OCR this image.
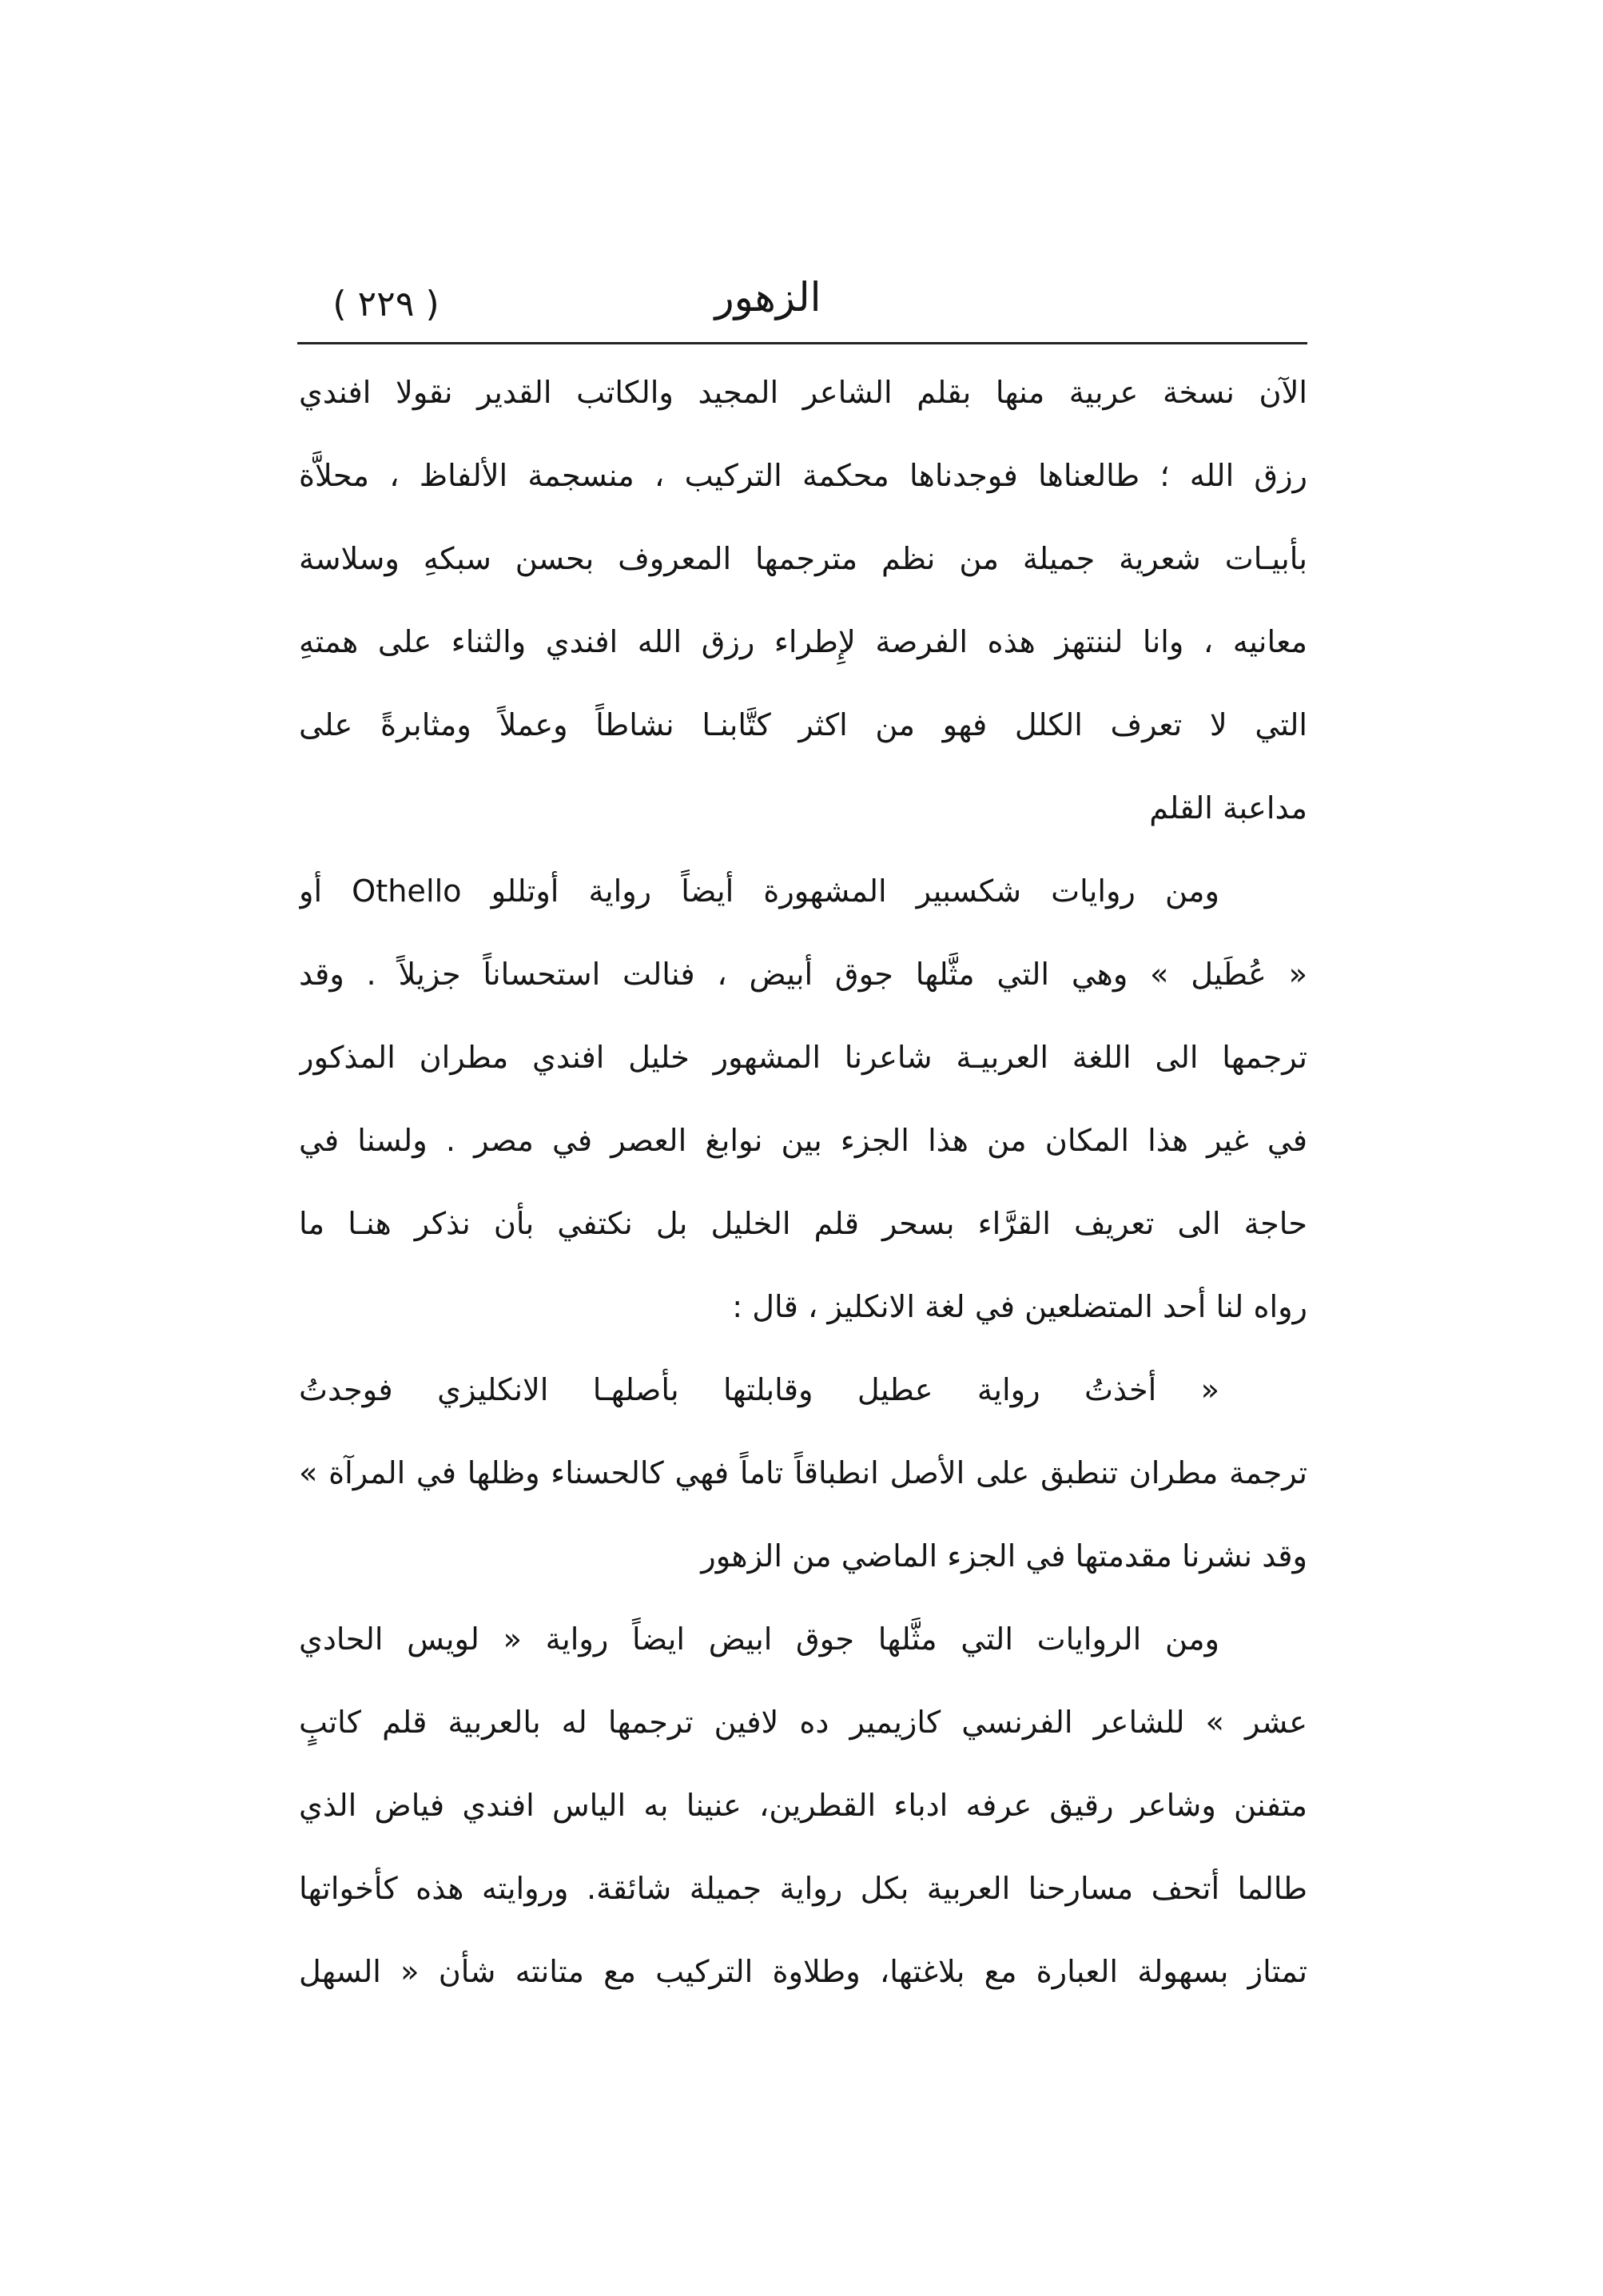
الزهور
( ٢٢٩ )
الآن نسخة عربية منها بقلم الشاعر المجيد والكاتب القدير نقولا افندي
رزق الله ؛ طالعناها فوجدناها محكمة التركيب ، منسجمة الألفاظ ، محلاَّة
بأبيـات شعرية جميلة من نظم مترجمها المعروف بحسن سبكهِ وسلاسة
معانيه ، وانا لننتهز هذه الفرصة لإِطراء رزق الله افندي والثناء على همتهِ
التي لا تعرف الكلل فهو من اكثر كتَّابنـا نشاطاً وعملاً ومثابرةً على
مداعبة القلم
ومن روايات شكسبير المشهورة أيضاً رواية أوتللو Othello أو
« عُطَيل » وهي التي مثَّلها جوق أبيض ، فنالت استحساناً جزيلاً . وقد
ترجمها الى اللغة العربيـة شاعرنا المشهور خليل افندي مطران المذكور
في غير هذا المكان من هذا الجزء بين نوابغ العصر في مصر . ولسنا في
حاجة الى تعريف القرَّاء بسحر قلم الخليل بل نكتفي بأن نذكر هنـا ما
رواه لنا أحد المتضلعين في لغة الانكليز ، قال :
« أخذتُ رواية عطيل وقابلتها بأصلهـا الانكليزي فوجدتُ
ترجمة مطران تنطبق على الأصل انطباقاً تاماً فهي كالحسناء وظلها في المرآة »
وقد نشرنا مقدمتها في الجزء الماضي من الزهور
ومن الروايات التي مثَّلها جوق ابيض ايضاً رواية « لويس الحادي
عشر » للشاعر الفرنسي كازيمير ده لافين ترجمها له بالعربية قلم كاتبٍ
متفنن وشاعر رقيق عرفه ادباء القطرين، عنينا به الياس افندي فياض الذي
طالما أتحف مسارحنا العربية بكل رواية جميلة شائقة. وروايته هذه كأخواتها
تمتاز بسهولة العبارة مع بلاغتها، وطلاوة التركيب مع متانته شأن « السهل
